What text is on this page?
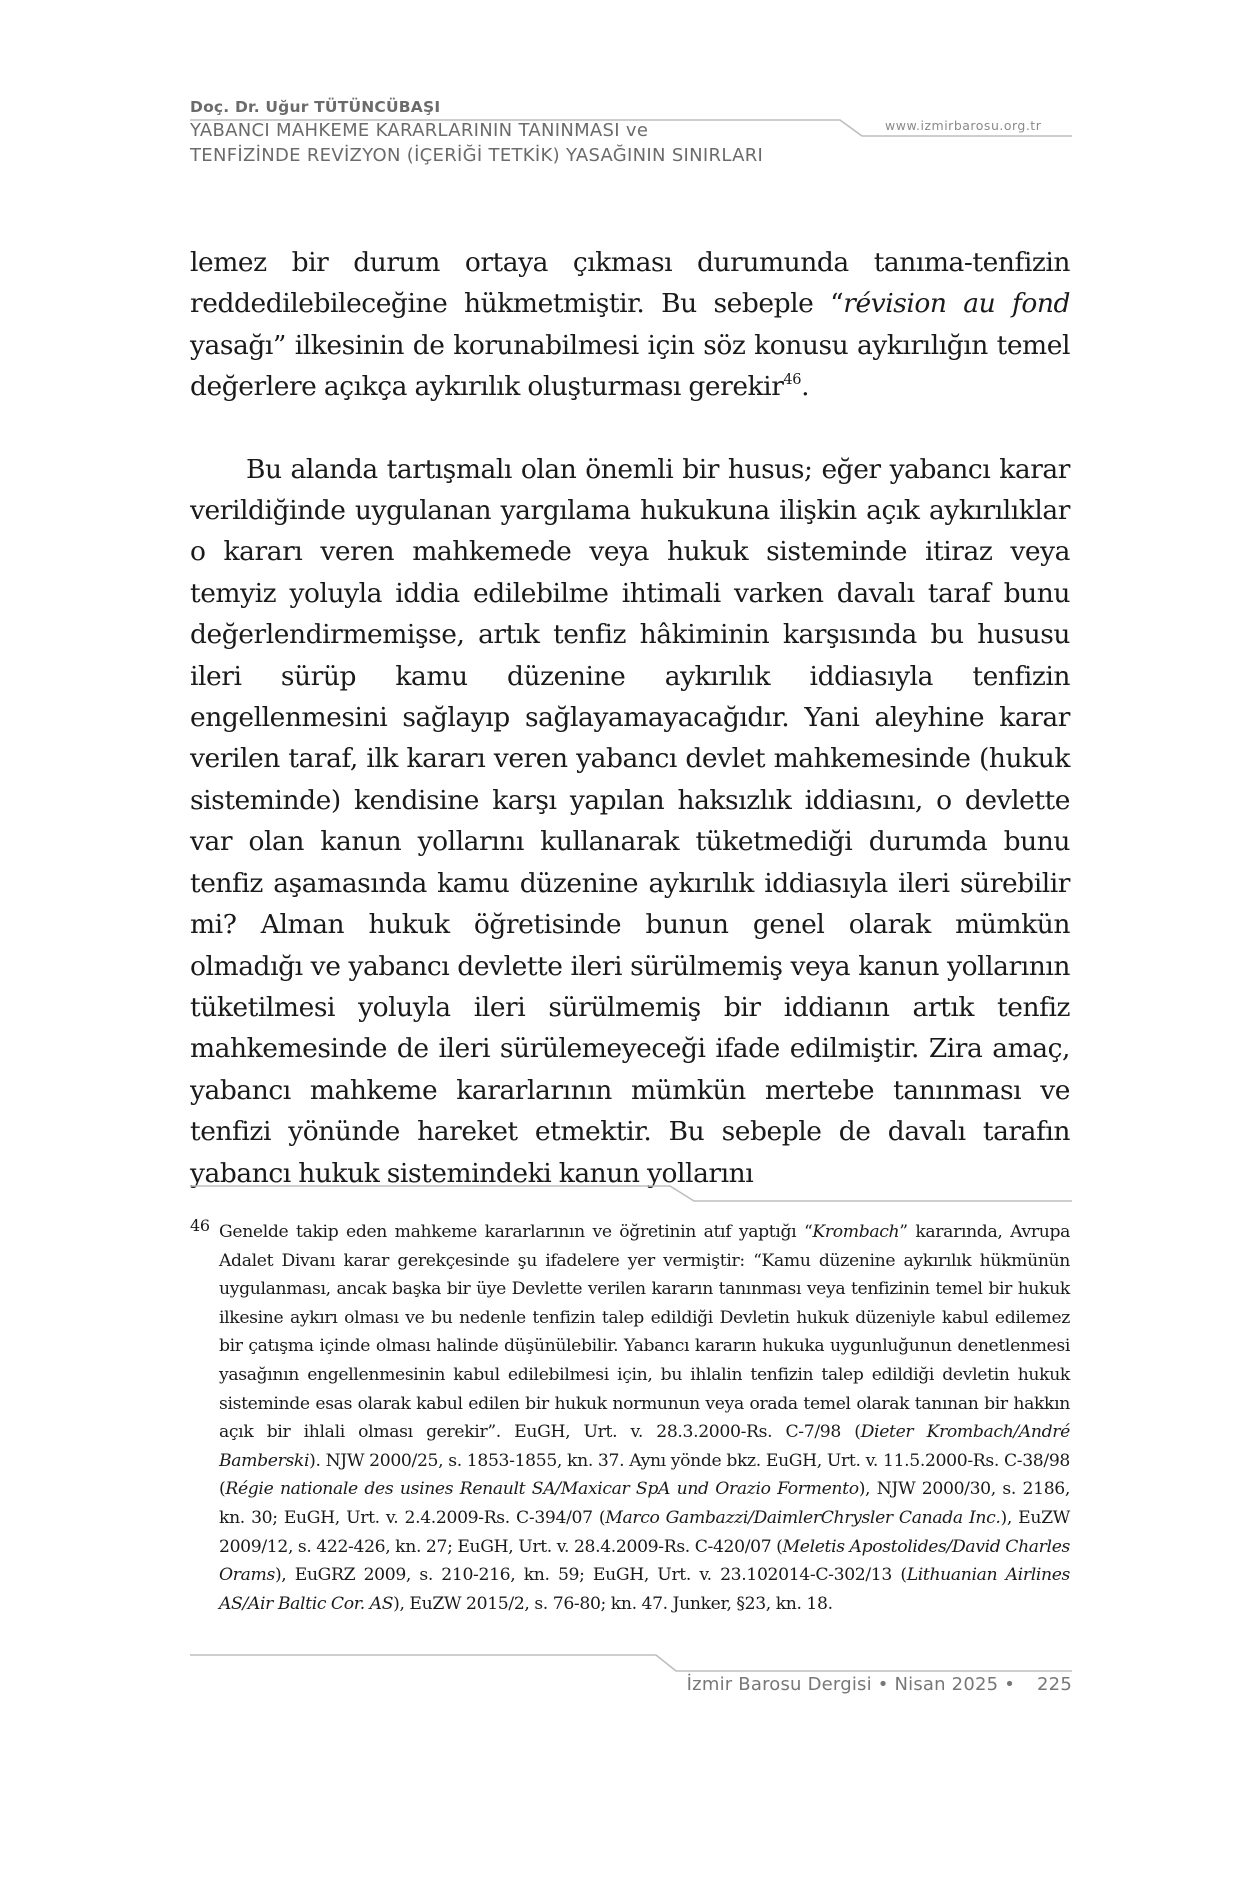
Doç. Dr. Uğur TÜTÜNCÜBAŞI
YABANCI MAHKEME KARARLARININ TANINMASI ve
TENFİZİNDE REVİZYON (İÇERİĞİ TETKİK) YASAĞININ SINIRLARI
www.izmirbarosu.org.tr

lemez bir durum ortaya çıkması durumunda tanıma-tenfizin reddedilebileceğine hükmetmiştir. Bu sebeple “révision au fond yasağı” ilkesinin de korunabilmesi için söz konusu aykırılığın temel değerlere açıkça aykırılık oluşturması gerekir$^{46}$.

Bu alanda tartışmalı olan önemli bir husus; eğer yabancı karar verildiğinde uygulanan yargılama hukukuna ilişkin açık aykırılıklar o kararı veren mahkemede veya hukuk sisteminde itiraz veya temyiz yoluyla iddia edilebilme ihtimali varken davalı taraf bunu değerlendirmemişse, artık tenfiz hâkiminin karşısında bu hususu ileri sürüp kamu düzenine aykırılık iddiasıyla tenfizin engellenmesini sağlayıp sağlayamayacağıdır. Yani aleyhine karar verilen taraf, ilk kararı veren yabancı devlet mahkemesinde (hukuk sisteminde) kendisine karşı yapılan haksızlık iddiasını, o devlette var olan kanun yollarını kullanarak tüketmediği durumda bunu tenfiz aşamasında kamu düzenine aykırılık iddiasıyla ileri sürebilir mi? Alman hukuk öğretisinde bunun genel olarak mümkün olmadığı ve yabancı devlette ileri sürülmemiş veya kanun yollarının tüketilmesi yoluyla ileri sürülmemiş bir iddianın artık tenfiz mahkemesinde de ileri sürülemeyeceği ifade edilmiştir. Zira amaç, yabancı mahkeme kararlarının mümkün mertebe tanınması ve tenfizi yönünde hareket etmektir. Bu sebeple de davalı tarafın yabancı hukuk sistemindeki kanun yollarını

46 Genelde takip eden mahkeme kararlarının ve öğretinin atıf yaptığı “Krombach” kararında, Avrupa Adalet Divanı karar gerekçesinde şu ifadelere yer vermiştir: “Kamu düzenine aykırılık hükmünün uygulanması, ancak başka bir üye Devlette verilen kararın tanınması veya tenfizinin temel bir hukuk ilkesine aykırı olması ve bu nedenle tenfizin talep edildiği Devletin hukuk düzeniyle kabul edilemez bir çatışma içinde olması halinde düşünülebilir. Yabancı kararın hukuka uygunluğunun denetlenmesi yasağının engellenmesinin kabul edilebilmesi için, bu ihlalin tenfizin talep edildiği devletin hukuk sisteminde esas olarak kabul edilen bir hukuk normunun veya orada temel olarak tanınan bir hakkın açık bir ihlali olması gerekir”. EuGH, Urt. v. 28.3.2000-Rs. C-7/98 (Dieter Krombach/André Bamberski). NJW 2000/25, s. 1853-1855, kn. 37. Aynı yönde bkz. EuGH, Urt. v. 11.5.2000-Rs. C-38/98 (Régie nationale des usines Renault SA/Maxicar SpA und Orazio Formento), NJW 2000/30, s. 2186, kn. 30; EuGH, Urt. v. 2.4.2009-Rs. C-394/07 (Marco Gambazzi/DaimlerChrysler Canada Inc.), EuZW 2009/12, s. 422-426, kn. 27; EuGH, Urt. v. 28.4.2009-Rs. C-420/07 (Meletis Apostolides/David Charles Orams), EuGRZ 2009, s. 210-216, kn. 59; EuGH, Urt. v. 23.102014-C-302/13 (Lithuanian Airlines AS/Air Baltic Cor. AS), EuZW 2015/2, s. 76-80; kn. 47. Junker, §23, kn. 18.

İzmir Barosu Dergisi • Nisan 2025 • 225
